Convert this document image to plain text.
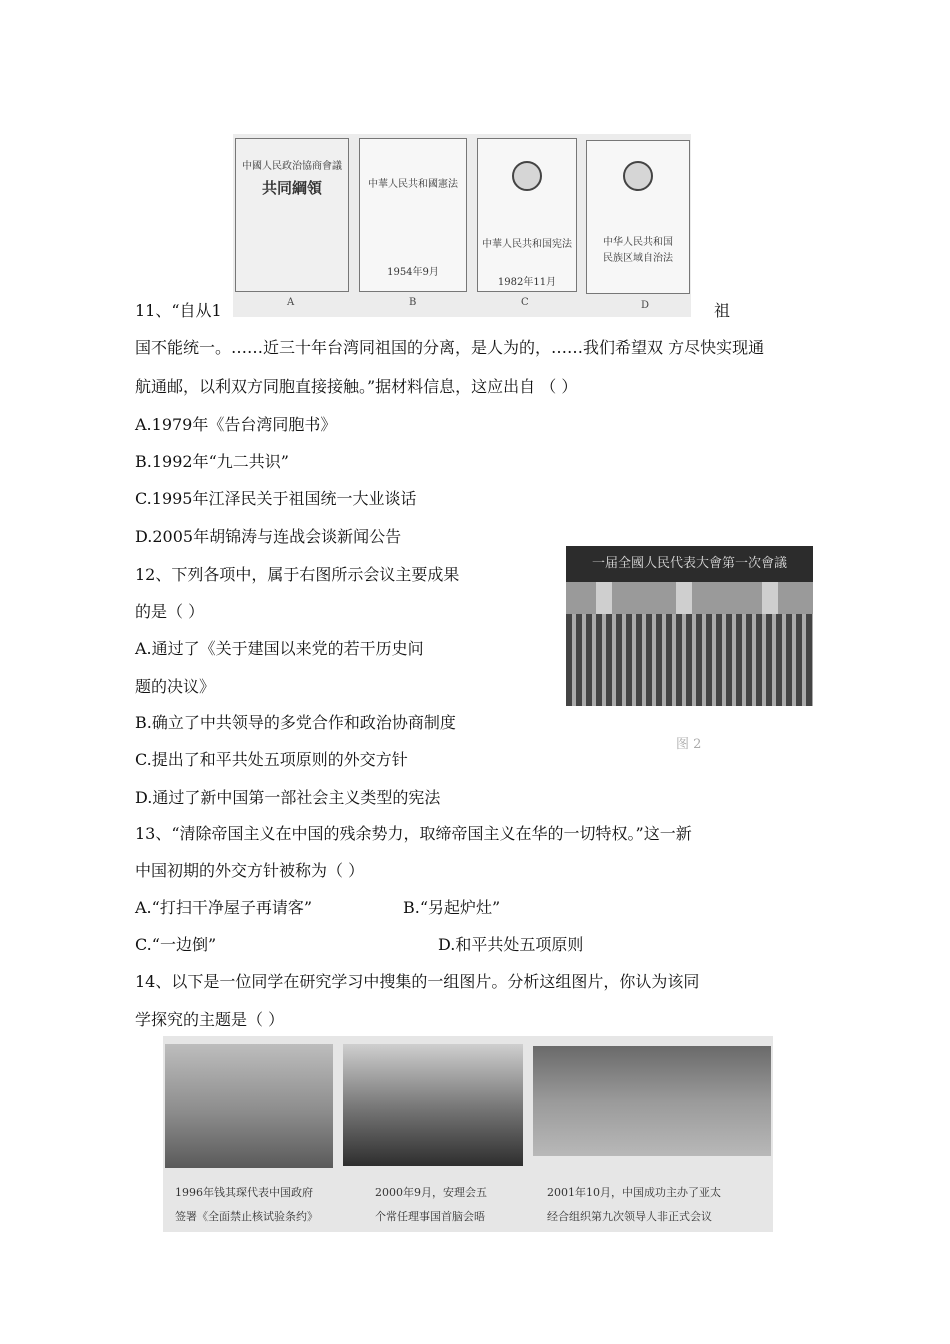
中國人民政治協商會議
共同綱領	中華人民共和國憲法
1954年9月
中華人民共和国宪法
1982年11月
中华人民共和国
民族区域自治法
A	B	C	D
11、“自从1	祖
国不能统一。……近三十年台湾同祖国的分离，是人为的，……我们希望双 方尽快实现通
航通邮，以利双方同胞直接接触。”据材料信息，这应出自 （ ）
A.1979年《告台湾同胞书》
B.1992年“九二共识”
C.1995年江泽民关于祖国统一大业谈话
D.2005年胡锦涛与连战会谈新闻公告
一届全國人民代表大會第一次會議
图 2
12、下列各项中，属于右图所示会议主要成果
的是（ ）
A.通过了《关于建国以来党的若干历史问
题的决议》
B.确立了中共领导的多党合作和政治协商制度
C.提出了和平共处五项原则的外交方针
D.通过了新中国第一部社会主义类型的宪法
13、“清除帝国主义在中国的残余势力，取缔帝国主义在华的一切特权。”这一新
中国初期的外交方针被称为（ ）
A.“打扫干净屋子再请客”	B.“另起炉灶”
C.“一边倒”	D.和平共处五项原则
14、以下是一位同学在研究学习中搜集的一组图片。分析这组图片，你认为该同
学探究的主题是（ ）
1996年钱其琛代表中国政府
签署《全面禁止核试验条约》
2000年9月，安理会五
个常任理事国首脑会晤
2001年10月，中国成功主办了亚太
经合组织第九次领导人非正式会议
